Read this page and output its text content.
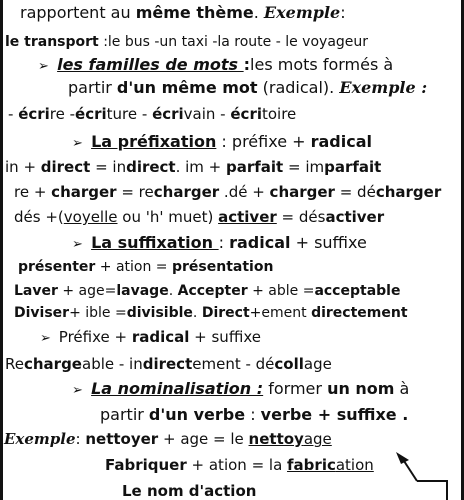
rapportent au même thème. Exemple:
le transport :le bus -un taxi -la route - le voyageur
➢ les familles de mots :les mots formés à
partir d'un même mot (radical). Exemple :
- écrire -écriture - écrivain - écritoire
➢ La préfixation : préfixe + radical
in + direct = indirect. im + parfait = imparfait
re + charger = recharger .dé + charger = décharger
dés +(voyelle ou 'h' muet) activer = désactiver
➢ La suffixation : radical + suffixe
présenter + ation = présentation
Laver + age=lavage. Accepter + able =acceptable
Diviser+ ible =divisible. Direct+ement directement
➢ Préfixe + radical + suffixe
Rechargeable - indirectement - décollage
➢ La nominalisation : former un nom à
partir d'un verbe : verbe + suffixe .
Exemple: nettoyer + age = le nettoyage
Fabriquer + ation = la fabrication
Le nom d'action
